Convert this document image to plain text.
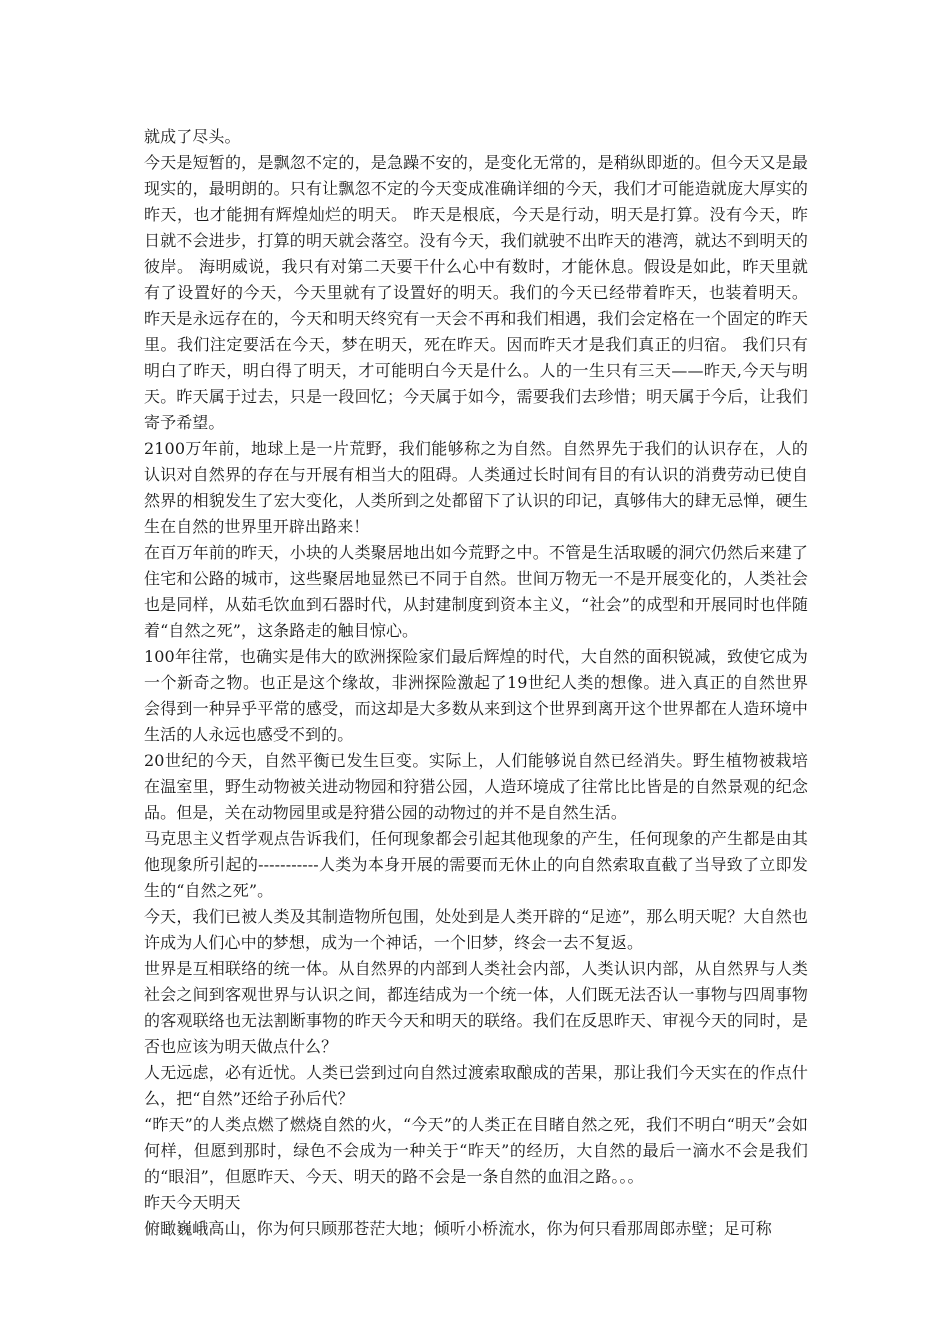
就成了尽头。

今天是短暂的，是飘忽不定的，是急躁不安的，是变化无常的，是稍纵即逝的。但今天又是最现实的，最明朗的。只有让飘忽不定的今天变成准确详细的今天，我们才可能造就庞大厚实的昨天，也才能拥有辉煌灿烂的明天。 昨天是根底，今天是行动，明天是打算。没有今天，昨日就不会进步，打算的明天就会落空。没有今天，我们就驶不出昨天的港湾，就达不到明天的彼岸。 海明威说，我只有对第二天要干什么心中有数时，才能休息。假设是如此，昨天里就有了设置好的今天，今天里就有了设置好的明天。我们的今天已经带着昨天，也装着明天。 昨天是永远存在的，今天和明天终究有一天会不再和我们相遇，我们会定格在一个固定的昨天里。我们注定要活在今天，梦在明天，死在昨天。因而昨天才是我们真正的归宿。 我们只有明白了昨天，明白得了明天，才可能明白今天是什么。人的一生只有三天——昨天,今天与明天。昨天属于过去，只是一段回忆；今天属于如今，需要我们去珍惜；明天属于今后，让我们寄予希望。

2100万年前，地球上是一片荒野，我们能够称之为自然。自然界先于我们的认识存在，人的认识对自然界的存在与开展有相当大的阻碍。人类通过长时间有目的有认识的消费劳动已使自然界的相貌发生了宏大变化，人类所到之处都留下了认识的印记，真够伟大的肆无忌惮，硬生生在自然的世界里开辟出路来！

在百万年前的昨天，小块的人类聚居地出如今荒野之中。不管是生活取暖的洞穴仍然后来建了住宅和公路的城市，这些聚居地显然已不同于自然。世间万物无一不是开展变化的，人类社会也是同样，从茹毛饮血到石器时代，从封建制度到资本主义，“社会”的成型和开展同时也伴随着“自然之死”，这条路走的触目惊心。

100年往常，也确实是伟大的欧洲探险家们最后辉煌的时代，大自然的面积锐减，致使它成为一个新奇之物。也正是这个缘故，非洲探险激起了19世纪人类的想像。进入真正的自然世界会得到一种异乎平常的感受，而这却是大多数从来到这个世界到离开这个世界都在人造环境中生活的人永远也感受不到的。

20世纪的今天，自然平衡已发生巨变。实际上，人们能够说自然已经消失。野生植物被栽培在温室里，野生动物被关进动物园和狩猎公园，人造环境成了往常比比皆是的自然景观的纪念品。但是，关在动物园里或是狩猎公园的动物过的并不是自然生活。

马克思主义哲学观点告诉我们，任何现象都会引起其他现象的产生，任何现象的产生都是由其他现象所引起的-----------人类为本身开展的需要而无休止的向自然索取直截了当导致了立即发生的“自然之死”。

今天，我们已被人类及其制造物所包围，处处到是人类开辟的“足迹”，那么明天呢？大自然也许成为人们心中的梦想，成为一个神话，一个旧梦，终会一去不复返。

世界是互相联络的统一体。从自然界的内部到人类社会内部，人类认识内部，从自然界与人类社会之间到客观世界与认识之间，都连结成为一个统一体，人们既无法否认一事物与四周事物的客观联络也无法割断事物的昨天今天和明天的联络。我们在反思昨天、审视今天的同时，是否也应该为明天做点什么？

人无远虑，必有近忧。人类已尝到过向自然过渡索取酿成的苦果，那让我们今天实在的作点什么，把“自然”还给子孙后代？

“昨天”的人类点燃了燃烧自然的火，“今天”的人类正在目睹自然之死，我们不明白“明天”会如何样，但愿到那时，绿色不会成为一种关于“昨天”的经历，大自然的最后一滴水不会是我们的“眼泪”，但愿昨天、今天、明天的路不会是一条自然的血泪之路。。。

昨天今天明天

俯瞰巍峨高山，你为何只顾那苍茫大地；倾听小桥流水，你为何只看那周郎赤壁；足可称
